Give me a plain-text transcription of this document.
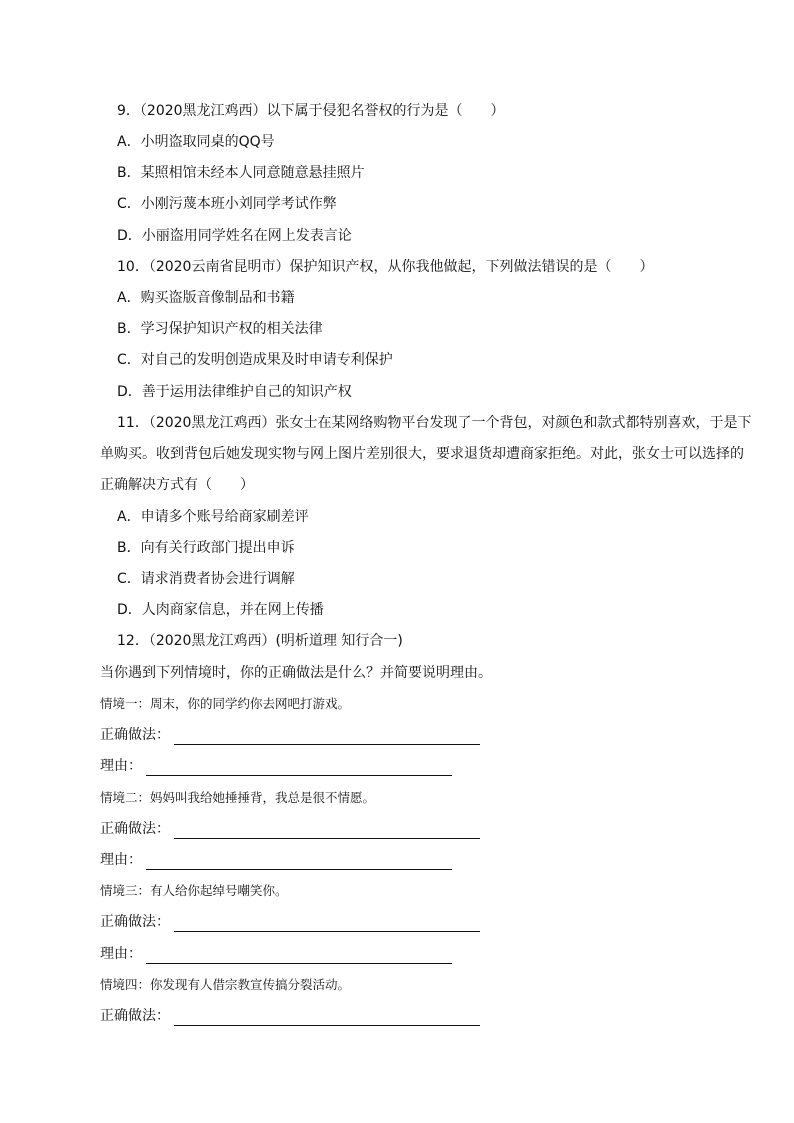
9．（2020黑龙江鸡西）以下属于侵犯名誉权的行为是（　　）
A．小明盗取同桌的QQ号
B．某照相馆未经本人同意随意悬挂照片
C．小刚污蔑本班小刘同学考试作弊
D．小丽盗用同学姓名在网上发表言论
10．（2020云南省昆明市）保护知识产权，从你我他做起，下列做法错误的是（　　）
A．购买盗版音像制品和书籍
B．学习保护知识产权的相关法律
C．对自己的发明创造成果及时申请专利保护
D．善于运用法律维护自己的知识产权
11．（2020黑龙江鸡西）张女士在某网络购物平台发现了一个背包，对颜色和款式都特别喜欢，于是下
单购买。收到背包后她发现实物与网上图片差别很大，要求退货却遭商家拒绝。对此，张女士可以选择的
正确解决方式有（　　）
A．申请多个账号给商家刷差评
B．向有关行政部门提出申诉
C．请求消费者协会进行调解
D．人肉商家信息，并在网上传播
12．（2020黑龙江鸡西）(明析道理 知行合一)
当你遇到下列情境时，你的正确做法是什么？并简要说明理由。
情境一：周末，你的同学约你去网吧打游戏。
正确做法：
理由：
情境二：妈妈叫我给她捶捶背，我总是很不情愿。
正确做法：
理由：
情境三：有人给你起绰号嘲笑你。
正确做法：
理由：
情境四：你发现有人借宗教宣传搞分裂活动。
正确做法：
